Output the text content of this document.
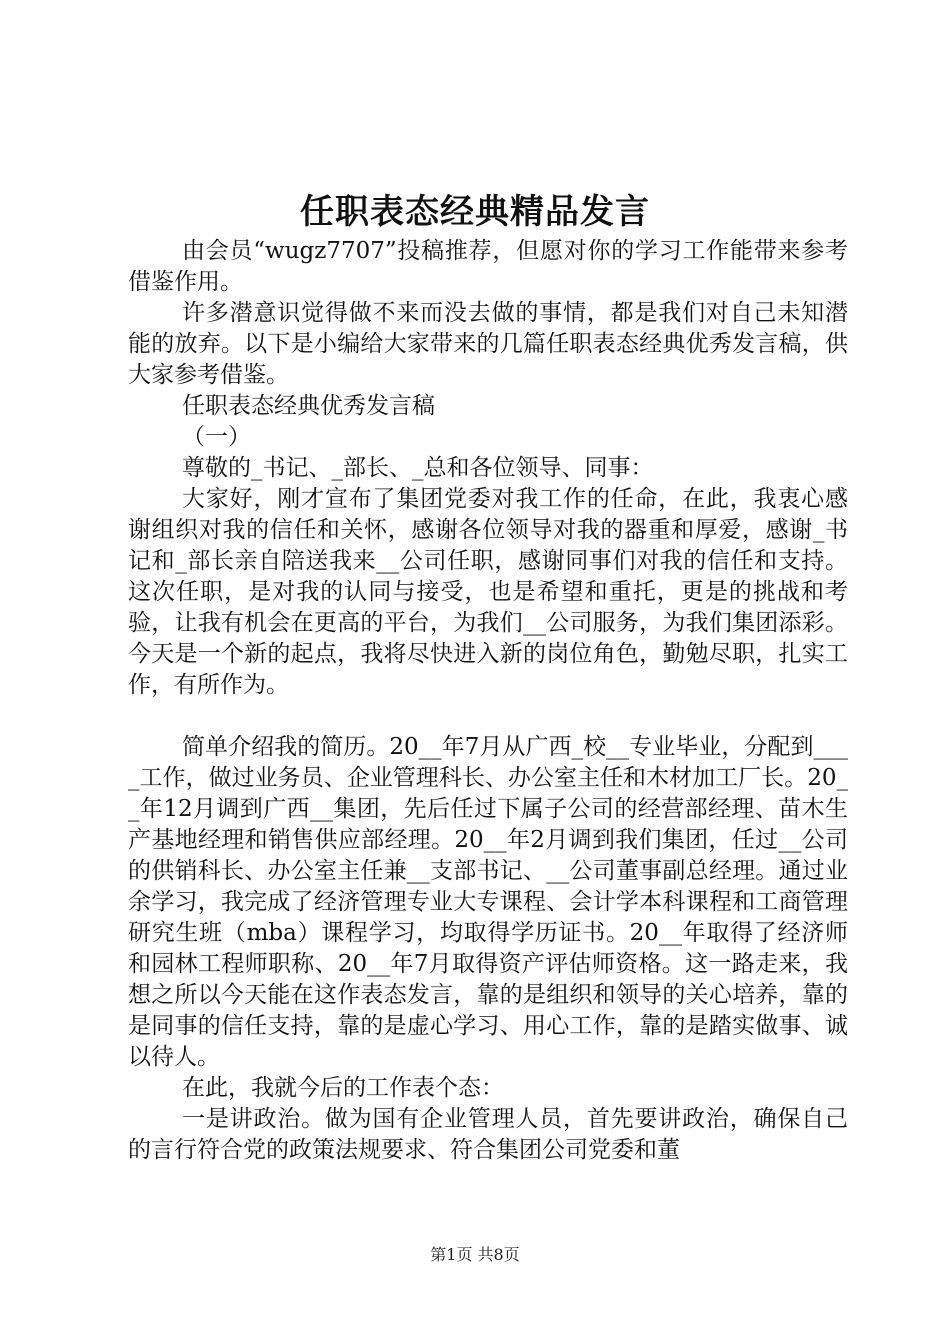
任职表态经典精品发言

由会员“wugz7707”投稿推荐，但愿对你的学习工作能带来参考借鉴作用。

许多潜意识觉得做不来而没去做的事情，都是我们对自己未知潜能的放弃。以下是小编给大家带来的几篇任职表态经典优秀发言稿，供大家参考借鉴。

任职表态经典优秀发言稿

（一）

尊敬的_书记、_部长、_总和各位领导、同事：

大家好，刚才宣布了集团党委对我工作的任命，在此，我衷心感谢组织对我的信任和关怀，感谢各位领导对我的器重和厚爱，感谢_书记和_部长亲自陪送我来__公司任职，感谢同事们对我的信任和支持。这次任职，是对我的认同与接受，也是希望和重托，更是的挑战和考验，让我有机会在更高的平台，为我们__公司服务，为我们集团添彩。今天是一个新的起点，我将尽快进入新的岗位角色，勤勉尽职，扎实工作，有所作为。

简单介绍我的简历。20__年7月从广西_校__专业毕业，分配到____工作，做过业务员、企业管理科长、办公室主任和木材加工厂长。20__年12月调到广西__集团，先后任过下属子公司的经营部经理、苗木生产基地经理和销售供应部经理。20__年2月调到我们集团，任过__公司的供销科长、办公室主任兼__支部书记、__公司董事副总经理。通过业余学习，我完成了经济管理专业大专课程、会计学本科课程和工商管理研究生班（mba）课程学习，均取得学历证书。20__年取得了经济师和园林工程师职称、20__年7月取得资产评估师资格。这一路走来，我想之所以今天能在这作表态发言，靠的是组织和领导的关心培养，靠的是同事的信任支持，靠的是虚心学习、用心工作，靠的是踏实做事、诚以待人。

在此，我就今后的工作表个态：

一是讲政治。做为国有企业管理人员，首先要讲政治，确保自己的言行符合党的政策法规要求、符合集团公司党委和董

第1页 共8页
